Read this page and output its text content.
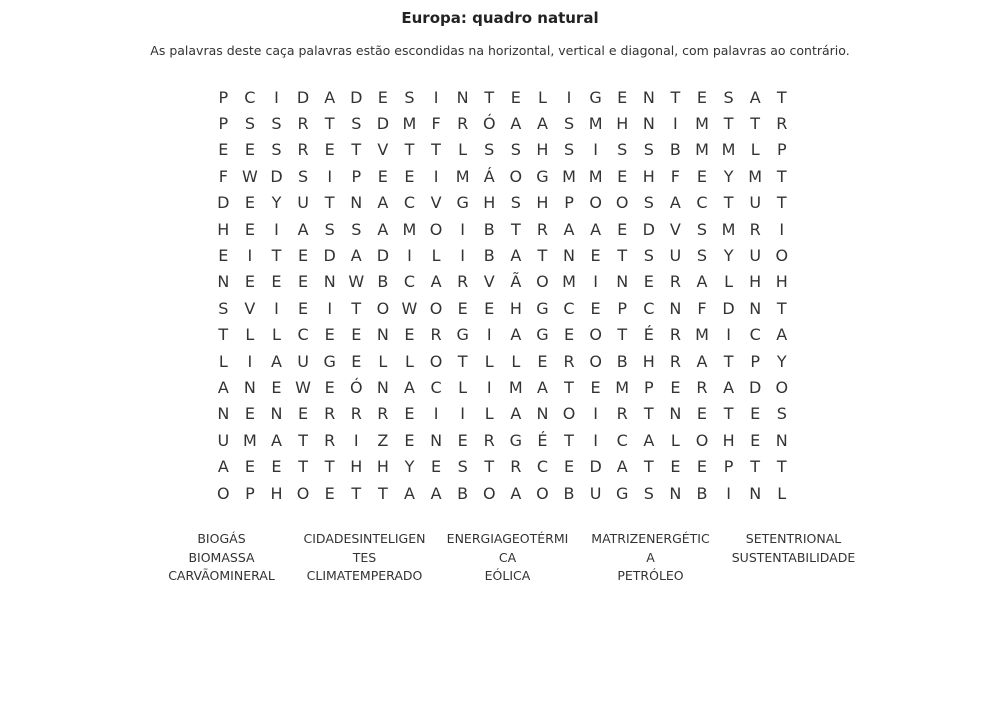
Europa: quadro natural
As palavras deste caça palavras estão escondidas na horizontal, vertical e diagonal, com palavras ao contrário.
P	C	I	D A D E	S	I	N T	E	L	I	G E N T	E	S	A	T
P	S	S R	T	S D M F	R Ó A A	S M H N	I	M T	T	R
E	E	S R E	T	V	T	T	L	S	S H S	I	S	S	B M M L	P
F W D S	I	P	E	E	I	M Á O G M M E H F	E	Y M T
D E	Y U T N A C V G H S H P O O S	A C	T U T
H E	I	A	S	S	A M O	I	B	T	R A A	E D V	S M R	I
E	I	T	E D A D	I	L	I	B A	T N E	T	S U S	Y U O
N E	E	E N W B C A R V Ã O M	I	N E R A	L	H H
S	V	I	E	I	T O W O E	E H G C E	P	C N	F D N T
T	L	L	C E	E N E R G	I	A G E O T	É R M	I	C A
L	I	A U G E	L	L O T	L	L	E R O B H R A	T	P	Y
A N E W E Ó N A C	L	I	M A	T	E M P	E R A D O
N E N E R R R E	I	I	L	A N O	I	R	T N E	T	E	S
U M A	T	R	I	Z	E N E R G É	T	I	C A	L O H E N
A	E	E	T	T H H Y	E	S	T	R C E D A	T	E	E	P	T	T
O P H O E	T	T	A A B O A O B U G S N B	I	N	L
BIOGÁS
BIOMASSA
CARVÃOMINERAL
CIDADESINTELIGEN
TES
CLIMATEMPERADO
ENERGIAGEOTÉRMI
CA
EÓLICA
MATRIZENERGÉTIC
A
PETRÓLEO
SETENTRIONAL
SUSTENTABILIDADE
